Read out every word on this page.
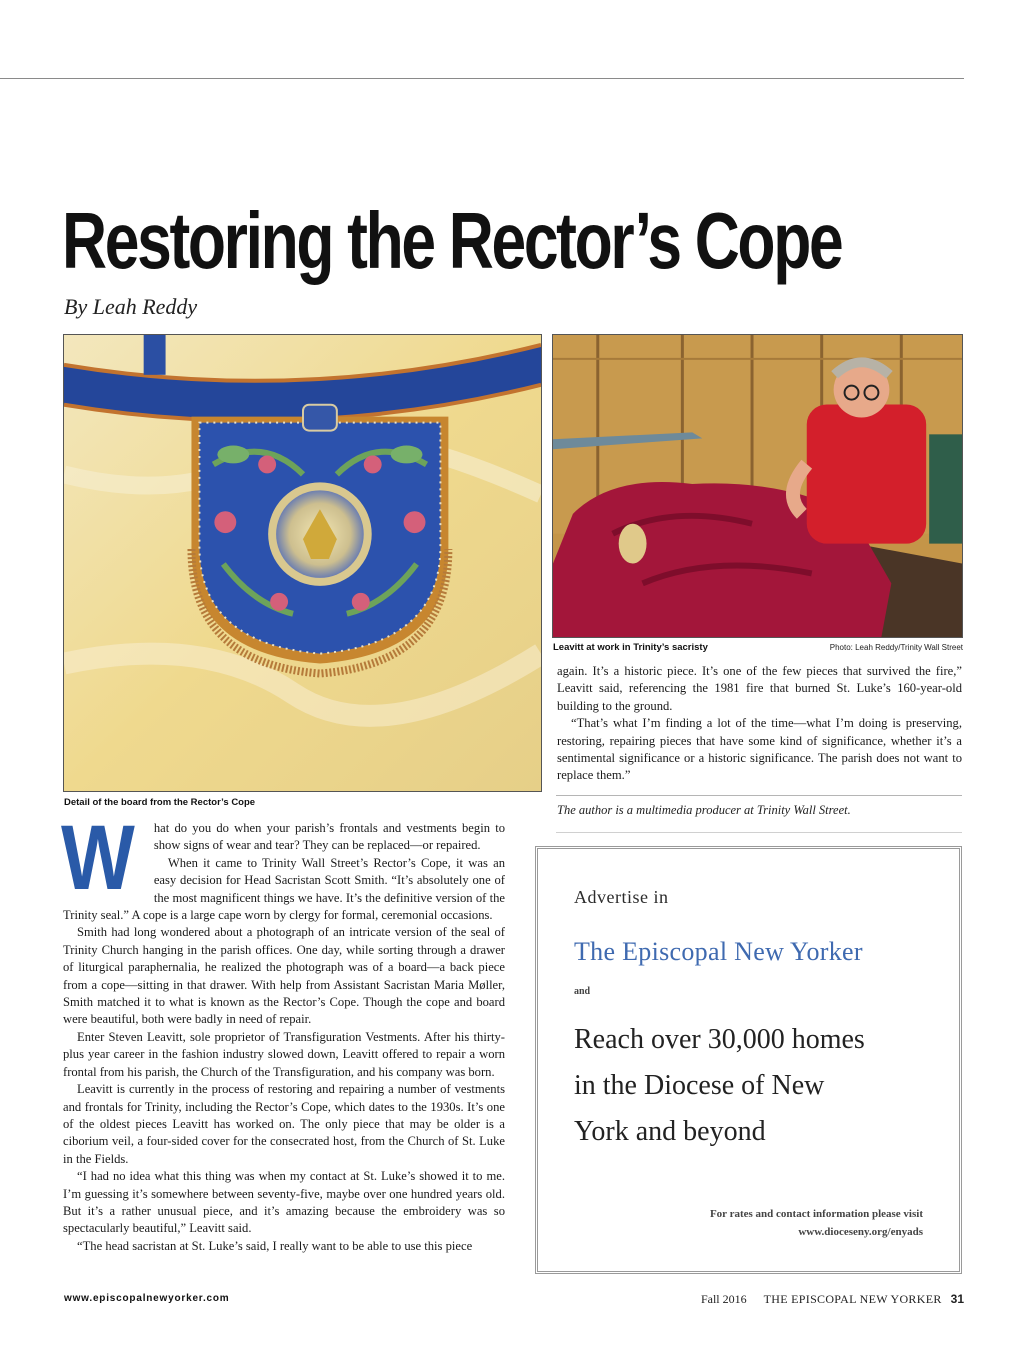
Restoring the Rector’s Cope
By Leah Reddy
Detail of the board from the Rector’s Cope
Leavitt at work in Trinity’s sacristy	Photo: Leah Reddy/Trinity Wall Street
W	hat do you do when your parish’s frontals and vestments begin to show signs of wear and tear? They can be replaced—or repaired.

When it came to Trinity Wall Street’s Rector’s Cope, it was an easy decision for Head Sacristan Scott Smith. “It’s absolutely one of the most magnificent things we have. It’s the definitive version of the Trinity seal.” A cope is a large cape worn by clergy for formal, ceremonial occasions.

Smith had long wondered about a photograph of an intricate version of the seal of Trinity Church hanging in the parish offices. One day, while sorting through a drawer of liturgical paraphernalia, he realized the photograph was of a board—a back piece from a cope—sitting in that drawer. With help from Assistant Sacristan Maria Møller, Smith matched it to what is known as the Rector’s Cope. Though the cope and board were beautiful, both were badly in need of repair.

Enter Steven Leavitt, sole proprietor of Transfiguration Vestments. After his thirty-plus year career in the fashion industry slowed down, Leavitt offered to repair a worn frontal from his parish, the Church of the Transfiguration, and his company was born.

Leavitt is currently in the process of restoring and repairing a number of vestments and frontals for Trinity, including the Rector’s Cope, which dates to the 1930s. It’s one of the oldest pieces Leavitt has worked on. The only piece that may be older is a ciborium veil, a four-sided cover for the consecrated host, from the Church of St. Luke in the Fields.

“I had no idea what this thing was when my contact at St. Luke’s showed it to me. I’m guessing it’s somewhere between seventy-five, maybe over one hundred years old. But it’s a rather unusual piece, and it’s amazing because the embroidery was so spectacularly beautiful,” Leavitt said.

“The head sacristan at St. Luke’s said, I really want to be able to use this piece

again. It’s a historic piece. It’s one of the few pieces that survived the fire,” Leavitt said, referencing the 1981 fire that burned St. Luke’s 160-year-old building to the ground.

“That’s what I’m finding a lot of the time—what I’m doing is preserving, restoring, repairing pieces that have some kind of significance, whether it’s a sentimental significance or a historic significance. The parish does not want to replace them.”

The author is a multimedia producer at Trinity Wall Street.
Advertise in
The Episcopal New Yorker
and
Reach over 30,000 homes
in the Diocese of New
York and beyond
For rates and contact information please visit
www.dioceseny.org/enyads
www.episcopalnewyorker.com	Fall 2016 THE EPISCOPAL NEW YORKER 31
